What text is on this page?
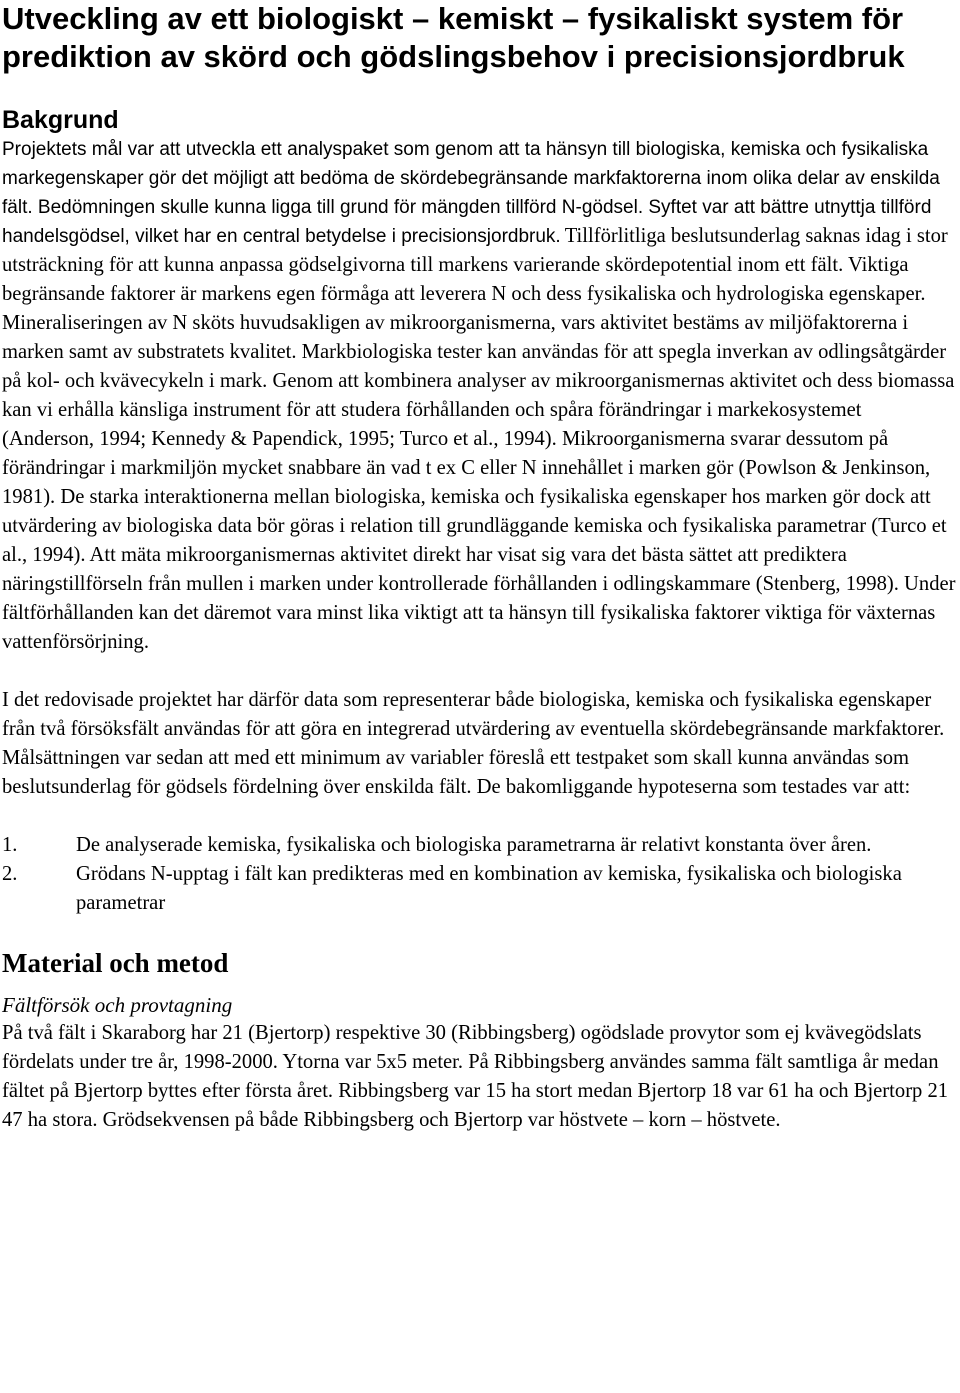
Utveckling av ett biologiskt – kemiskt – fysikaliskt system för prediktion av skörd och gödslingsbehov i precisionsjordbruk
Bakgrund

Projektets mål var att utveckla ett analyspaket som genom att ta hänsyn till biologiska, kemiska och fysikaliska markegenskaper gör det möjligt att bedöma de skördebegränsande markfaktorerna inom olika delar av enskilda fält. Bedömningen skulle kunna ligga till grund för mängden tillförd N-gödsel. Syftet var att bättre utnyttja tillförd handelsgödsel, vilket har en central betydelse i precisionsjordbruk. Tillförlitliga beslutsunderlag saknas idag i stor utsträckning för att kunna anpassa gödselgivorna till markens varierande skördepotential inom ett fält. Viktiga begränsande faktorer är markens egen förmåga att leverera N och dess fysikaliska och hydrologiska egenskaper. Mineraliseringen av N sköts huvudsakligen av mikroorganismerna, vars aktivitet bestäms av miljöfaktorerna i marken samt av substratets kvalitet. Markbiologiska tester kan användas för att spegla inverkan av odlingsåtgärder på kol- och kvävecykeln i mark. Genom att kombinera analyser av mikroorganismernas aktivitet och dess biomassa kan vi erhålla känsliga instrument för att studera förhållanden och spåra förändringar i markekosystemet (Anderson, 1994; Kennedy & Papendick, 1995; Turco et al., 1994). Mikroorganismerna svarar dessutom på förändringar i markmiljön mycket snabbare än vad t ex C eller N innehållet i marken gör (Powlson & Jenkinson, 1981). De starka interaktionerna mellan biologiska, kemiska och fysikaliska egenskaper hos marken gör dock att utvärdering av biologiska data bör göras i relation till grundläggande kemiska och fysikaliska parametrar (Turco et al., 1994). Att mäta mikroorganismernas aktivitet direkt har visat sig vara det bästa sättet att prediktera näringstillförseln från mullen i marken under kontrollerade förhållanden i odlingskammare (Stenberg, 1998). Under fältförhållanden kan det däremot vara minst lika viktigt att ta hänsyn till fysikaliska faktorer viktiga för växternas vattenförsörjning.

I det redovisade projektet har därför data som representerar både biologiska, kemiska och fysikaliska egenskaper från två försöksfält användas för att göra en integrerad utvärdering av eventuella skördebegränsande markfaktorer. Målsättningen var sedan att med ett minimum av variabler föreslå ett testpaket som skall kunna användas som beslutsunderlag för gödsels fördelning över enskilda fält. De bakomliggande hypoteserna som testades var att:

1.	De analyserade kemiska, fysikaliska och biologiska parametrarna är relativt konstanta över åren.
2.	Grödans N-upptag i fält kan predikteras med en kombination av kemiska, fysikaliska och biologiska parametrar
Material och metod
Fältförsök och provtagning

På två fält i Skaraborg har 21 (Bjertorp) respektive 30 (Ribbingsberg) ogödslade provytor som ej kvävegödslats fördelats under tre år, 1998-2000. Ytorna var 5x5 meter. På Ribbingsberg användes samma fält samtliga år medan fältet på Bjertorp byttes efter första året. Ribbingsberg var 15 ha stort medan Bjertorp 18 var 61 ha och Bjertorp 21 47 ha stora. Grödsekvensen på både Ribbingsberg och Bjertorp var höstvete – korn – höstvete.
